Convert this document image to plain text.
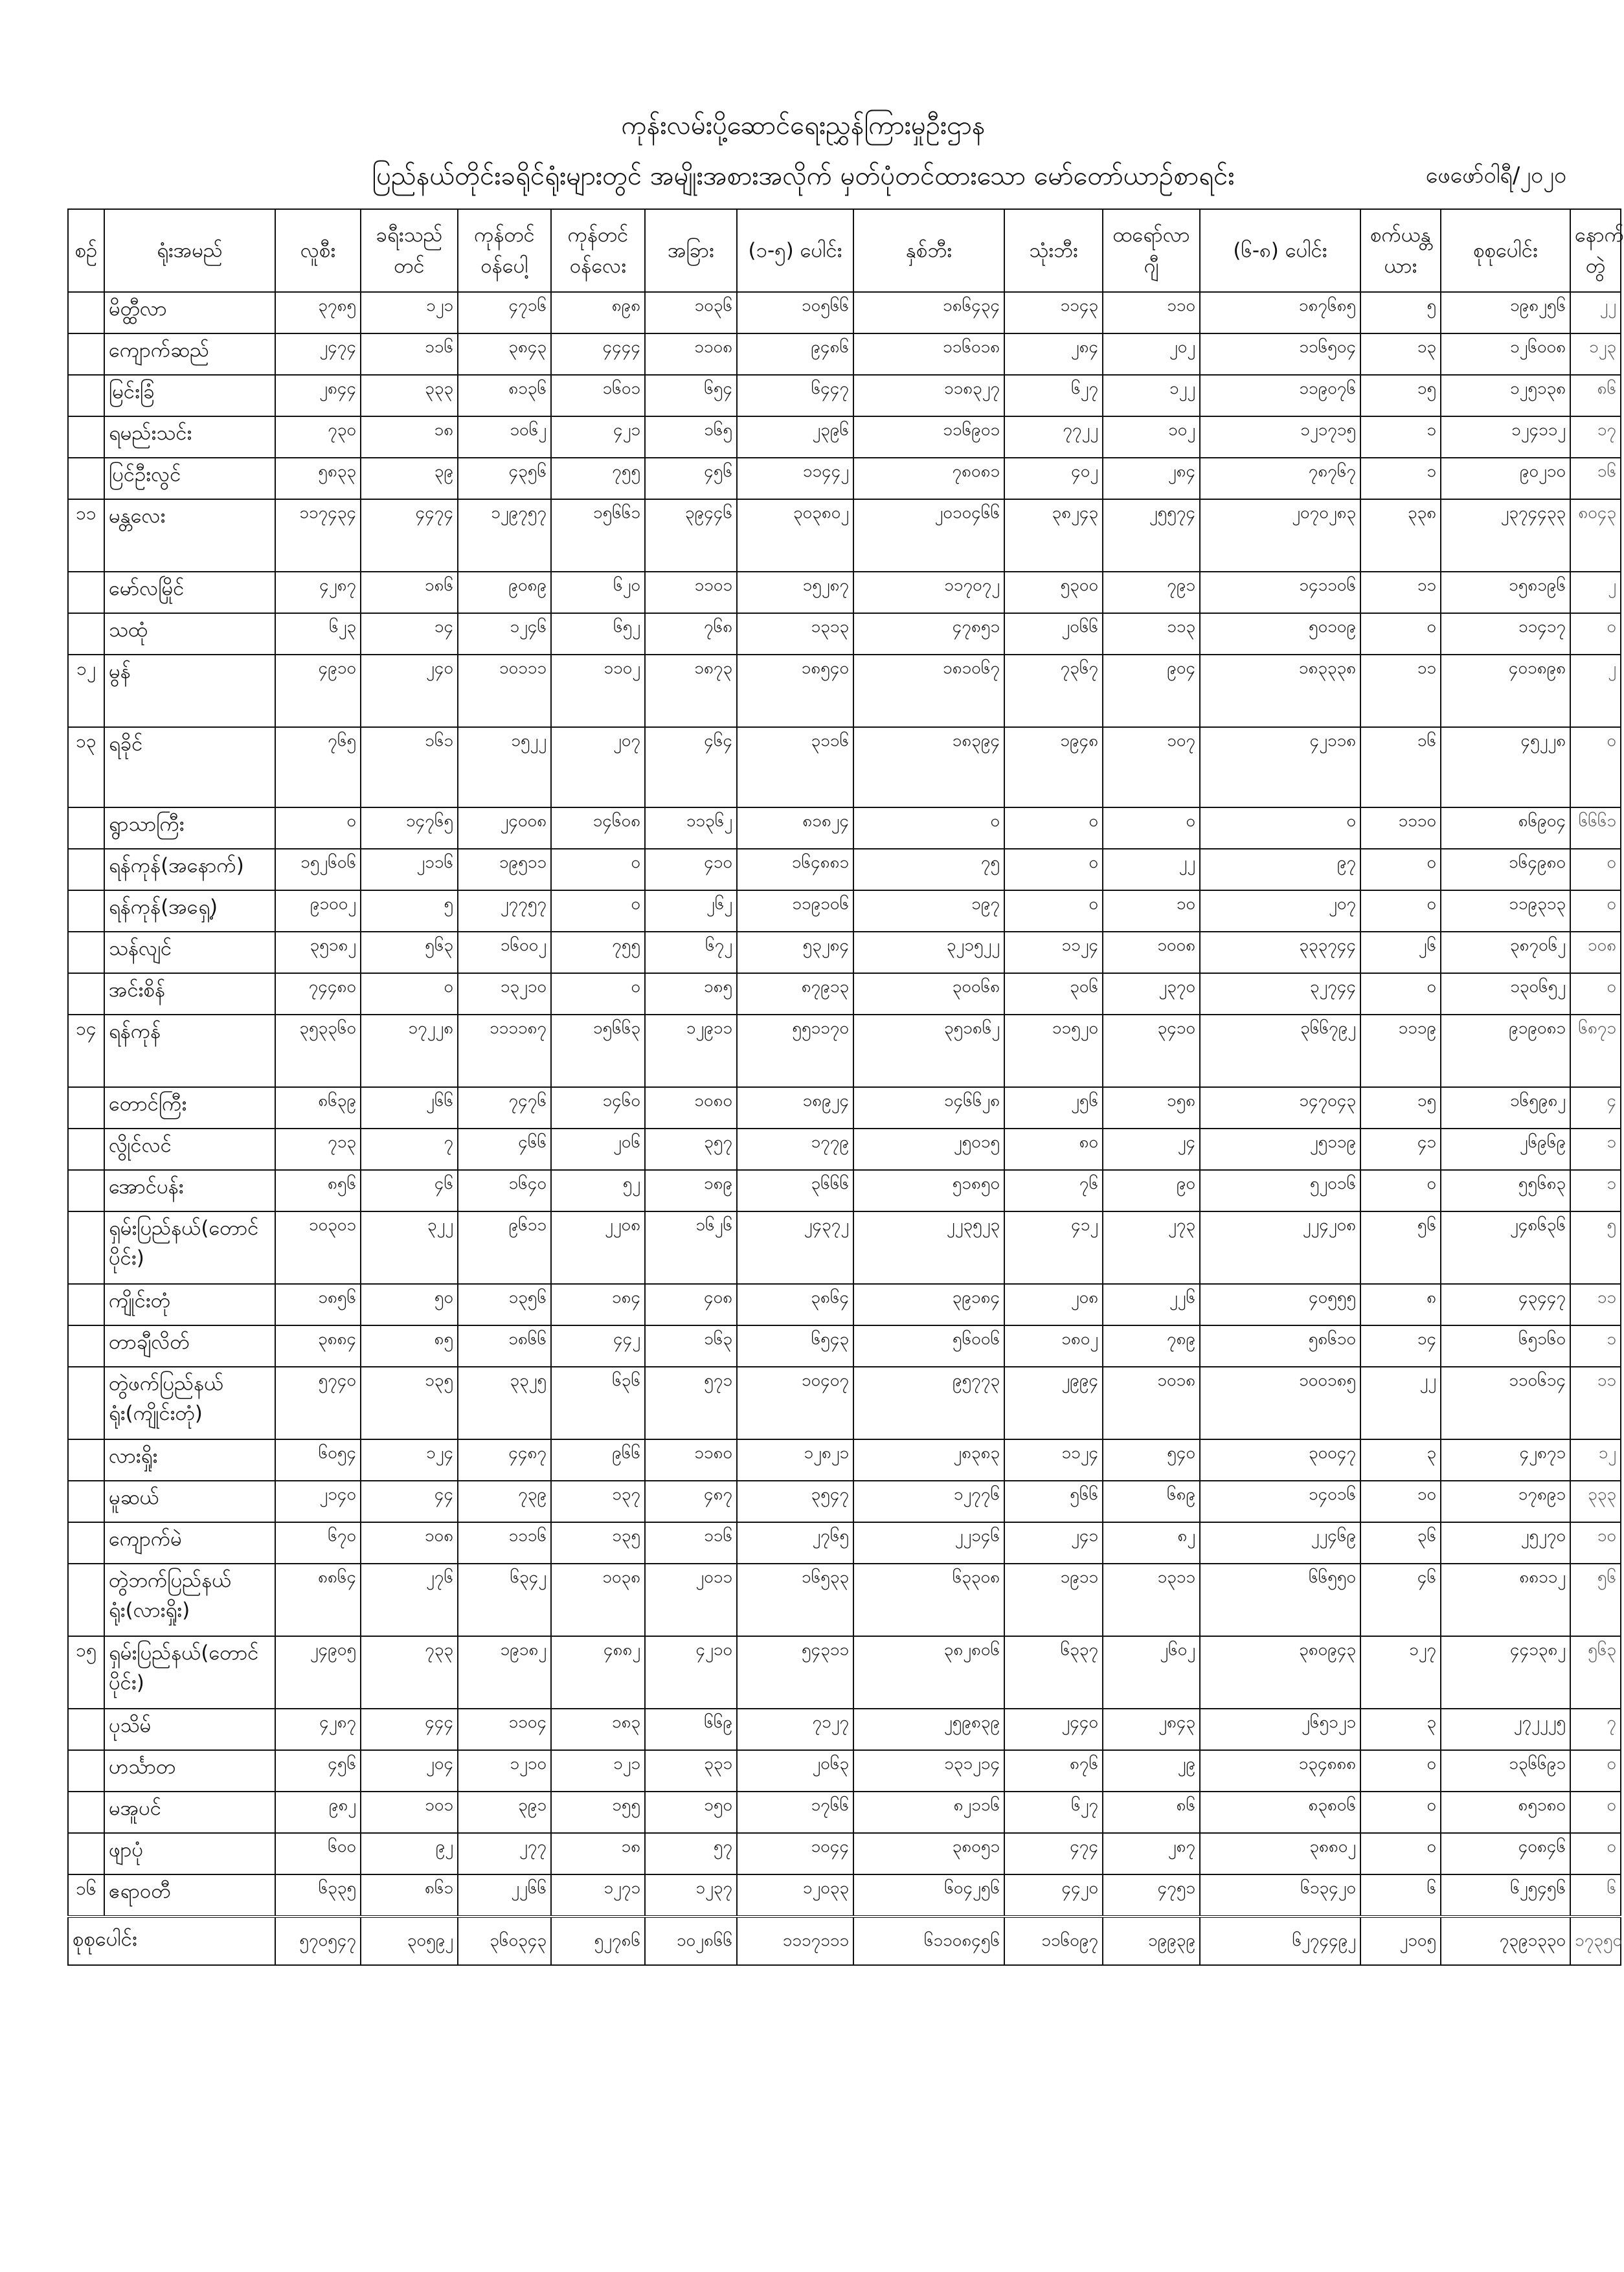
ကုန်းလမ်းပို့ဆောင်ရေးညွှန်ကြားမှုဦးဌာန
ပြည်နယ်တိုင်းခရိုင်ရုံးများတွင် အမျိုးအစားအလိုက် မှတ်ပုံတင်ထားသော မော်တော်ယာဉ်စာရင်း	ဖေဖော်ဝါရီ/၂၀၂၀
စဉ်	ရုံးအမည်	လူစီး	ခရီးသည်တင်	ကုန်တင်ဝန်ပေါ့	ကုန်တင်ဝန်လေး	အခြား	(၁-၅) ပေါင်း	နှစ်ဘီး	သုံးဘီး	ထရော်လာဂျီ	(၆-၈) ပေါင်း	စက်ယန္တယား	စုစုပေါင်း	နောက်တွဲ
	မိတ္ထီလာ	၃၇၈၅	၁၂၁	၄၇၁၆	၈၉၈	၁၀၃၆	၁၀၅၆၆	၁၈၆၄၃၄	၁၁၄၃	၁၁၀	၁၈၇၆၈၅	၅	၁၉၈၂၅၆	၂၂
	ကျောက်ဆည်	၂၄၇၄	၁၁၆	၃၈၄၃	၄၄၄၄	၁၁၀၈	၉၄၈၆	၁၁၆၀၁၈	၂၈၄	၂၀၂	၁၁၆၅၀၄	၁၃	၁၂၆၀၀၈	၁၂၃
	မြင်းခြံ	၂၈၄၄	၃၃၃	၈၁၃၆	၁၆၀၁	၆၅၄	၆၄၄၇	၁၁၈၃၂၇	၆၂၇	၁၂၂	၁၁၉၀၇၆	၁၅	၁၂၅၁၃၈	၈၆
	ရမည်းသင်း	၇၃၀	၁၈	၁၀၆၂	၄၂၁	၁၆၅	၂၃၉၆	၁၁၆၉၀၁	၇၇၂၂	၁၀၂	၁၂၁၇၁၅	၁	၁၂၄၁၁၂	၁၇
	ပြင်ဦးလွင်	၅၈၃၃	၃၉	၄၃၅၆	၇၅၅	၄၅၆	၁၁၄၄၂	၇၈၀၈၁	၄၀၂	၂၈၄	၇၈၇၆၇	၁	၉၀၂၁၀	၁၆
၁၁	မန္တလေး	၁၁၇၄၃၄	၄၄၇၄	၁၂၉၇၅၇	၁၅၆၆၁	၃၉၄၄၆	၃၀၃၈၀၂	၂၀၁၀၄၆၆	၃၈၂၄၃	၂၅၅၇၄	၂၀၇၀၂၈၃	၃၃၈	၂၃၇၄၄၃၃	၈၀၄၃
	မော်လမြိုင်	၄၂၈၇	၁၈၆	၉၀၈၉	၆၂၀	၁၁၀၁	၁၅၂၈၇	၁၁၇၀၇၂	၅၃၀၀	၇၉၁	၁၄၁၁၀၆	၁၁	၁၅၈၁၉၆	၂
	သထုံ	၆၂၃	၁၄	၁၂၄၆	၆၅၂	၇၆၈	၁၃၁၃	၄၇၈၅၁	၂၀၆၆	၁၁၃	၅၀၁၀၉	၀	၁၁၄၁၇	၀
၁၂	မွန်	၄၉၁၀	၂၄၀	၁၀၁၁၁	၁၁၀၂	၁၈၇၃	၁၈၅၄၀	၁၈၁၀၆၇	၇၃၆၇	၉၀၄	၁၈၃၃၃၈	၁၁	၄၀၁၈၉၈	၂
၁၃	ရခိုင်	၇၆၅	၁၆၁	၁၅၂၂	၂၀၇	၄၆၄	၃၁၁၆	၁၈၃၉၄	၁၉၄၈	၁၀၇	၄၂၁၁၈	၁၆	၄၅၂၂၈	၀
	ရွာသာကြီး	၀	၁၄၇၆၅	၂၄၀၀၈	၁၄၆၀၈	၁၁၃၆၂	၈၁၈၂၄	၀	၀	၀	၀	၁၁၁၀	၈၆၉၀၄	၆၆၆၁
	ရန်ကုန်(အနောက်)	၁၅၂၆၀၆	၂၁၁၆	၁၉၅၁၁	၀	၄၁၀	၁၆၄၈၈၁	၇၅	၀	၂၂	၉၇	၀	၁၆၄၉၈၀	၀
	ရန်ကုန်(အရှေ့)	၉၁၀၀၂	၅	၂၇၇၅၇	၀	၂၆၂	၁၁၉၁၀၆	၁၉၇	၀	၁၀	၂၀၇	၀	၁၁၉၃၁၃	၀
	သန်လျင်	၃၅၁၈၂	၅၆၃	၁၆၀၀၂	၇၅၅	၆၇၂	၅၃၂၈၄	၃၂၁၅၂၂	၁၁၂၄	၁၀၀၈	၃၃၃၇၄၄	၂၆	၃၈၇၀၆၂	၁၀၈
	အင်းစိန်	၇၄၄၈၀	၀	၁၃၂၁၀	၀	၁၈၅	၈၇၉၁၃	၃၀၀၆၈	၃၀၆	၂၃၇၀	၃၂၇၄၄	၀	၁၃၀၆၅၂	၀
၁၄	ရန်ကုန်	၃၅၃၃၆၀	၁၇၂၂၈	၁၁၁၁၈၇	၁၅၆၆၃	၁၂၉၁၁	၅၅၁၁၇၀	၃၅၁၈၆၂	၁၁၅၂၀	၃၄၁၀	၃၆၆၇၉၂	၁၁၁၉	၉၁၉၀၈၁	၆၈၇၁
	တောင်ကြီး	၈၆၃၉	၂၆၆	၇၄၇၆	၁၄၆၀	၁၀၈၀	၁၈၉၂၄	၁၄၆၆၂၈	၂၅၆	၁၅၈	၁၄၇၀၄၃	၁၅	၁၆၅၉၈၂	၄
	လွိုင်လင်	၇၁၃	၇	၄၆၆	၂၀၆	၃၅၇	၁၇၇၉	၂၅၀၁၅	၈၀	၂၄	၂၅၁၁၉	၄၁	၂၆၉၆၉	၁
	အောင်ပန်း	၈၅၆	၄၆	၁၆၄၀	၅၂	၁၈၉	၃၆၆၆	၅၁၈၅၀	၇၆	၉၀	၅၂၀၁၆	၀	၅၅၆၈၃	၁
	ရှမ်းပြည်နယ်(တောင်ပိုင်း)	၁၀၃၀၁	၃၂၂	၉၆၁၁	၂၂၀၈	၁၆၂၆	၂၄၃၇၂	၂၂၃၅၂၃	၄၁၂	၂၇၃	၂၂၄၂၀၈	၅၆	၂၄၈၆၃၆	၅
	ကျိုင်းတုံ	၁၈၅၆	၅၀	၁၃၅၆	၁၈၄	၄၀၈	၃၈၆၄	၃၉၁၈၄	၂၀၈	၂၂၆	၄၀၅၅၅	၈	၄၃၄၄၇	၁၁
	တာချီလိတ်	၃၈၈၄	၈၅	၁၈၆၆	၄၄၂	၁၆၃	၆၅၄၃	၅၆၀၀၆	၁၈၀၂	၇၈၉	၅၈၆၁၀	၁၄	၆၅၁၆၀	၁
	တွဲဖက်ပြည်နယ်ရုံး(ကျိုင်းတုံ)	၅၇၄၀	၁၃၅	၃၃၂၅	၆၃၆	၅၇၁	၁၀၄၀၇	၉၅၇၇၃	၂၉၉၄	၁၀၁၈	၁၀၀၁၈၅	၂၂	၁၁၀၆၁၄	၁၁
	လားရှိုး	၆၀၅၄	၁၂၄	၄၄၈၇	၉၆၆	၁၁၈၀	၁၂၈၂၁	၂၈၃၈၃	၁၁၂၄	၅၄၀	၃၀၀၄၇	၃	၄၂၈၇၁	၁၂
	မူဆယ်	၂၁၄၀	၄၄	၇၃၉	၁၃၇	၄၈၇	၃၅၄၇	၁၂၇၇၆	၅၆၆	၆၈၉	၁၄၀၁၆	၁၀	၁၇၈၉၁	၃၃၃
	ကျောက်မဲ	၆၇၀	၁၀၈	၁၁၁၆	၁၃၅	၁၁၆	၂၇၆၅	၂၂၁၄၆	၂၄၁	၈၂	၂၂၄၆၉	၃၆	၂၅၂၇၀	၁၀
	တွဲဘက်ပြည်နယ်ရုံး(လားရှိုး)	၈၈၆၄	၂၇၆	၆၃၄၂	၁၀၃၈	၂၀၁၁	၁၆၅၃၃	၆၃၃၀၈	၁၉၁၁	၁၃၁၁	၆၆၅၅၀	၄၆	၈၈၁၁၂	၅၆
၁၅	ရှမ်းပြည်နယ်(တောင်ပိုင်း)	၂၄၉၀၅	၇၃၃	၁၉၁၈၂	၄၈၈၂	၄၂၁၀	၅၄၃၁၁	၃၈၂၈၀၆	၆၃၃၇	၂၆၀၂	၃၈၀၉၄၃	၁၂၇	၄၄၁၃၈၂	၅၆၃
	ပုသိမ်	၄၂၈၇	၄၄၄	၁၁၀၄	၁၈၃	၆၆၉	၇၁၂၇	၂၅၉၈၃၉	၂၄၄၀	၂၈၄၃	၂၆၅၁၂၁	၃	၂၇၂၂၂၅	၇
	ဟင်္သာတ	၄၅၆	၂၀၄	၁၂၁၀	၁၂၁	၃၃၁	၂၀၆၃	၁၃၁၂၁၄	၈၇၆	၂၉	၁၃၄၈၈၈	၀	၁၃၆၆၉၁	၀
	မအူပင်	၉၈၂	၁၀၁	၃၉၁	၁၅၅	၁၅၀	၁၇၆၆	၈၂၁၁၆	၆၂၇	၈၆	၈၃၈၀၆	၀	၈၅၁၈၀	၀
	ဖျာပုံ	၆၀၀	၉၂	၂၇၇	၁၈	၅၇	၁၀၄၄	၃၈၀၅၁	၄၇၄	၂၈၇	၃၈၈၀၂	၀	၄၀၈၄၆	၀
၁၆	ဧရာဝတီ	၆၃၃၅	၈၆၁	၂၂၆၆	၁၂၇၁	၁၂၃၇	၁၂၀၃၃	၆၀၄၂၅၆	၄၄၂၀	၄၇၅၁	၆၁၃၄၂၀	၆	၆၂၅၄၅၆	၆
စုစုပေါင်း		၅၇၀၅၄၇	၃၀၅၉၂	၃၆၀၃၄၃	၅၂၇၈၆	၁၀၂၈၆၆	၁၁၁၇၁၁၁	၆၁၁၀၈၄၅၆	၁၁၆၀၉၇	၁၉၉၃၉	၆၂၇၄၄၉၂	၂၁၀၅	၇၃၉၁၃၃၀	၁၇၃၅၀
